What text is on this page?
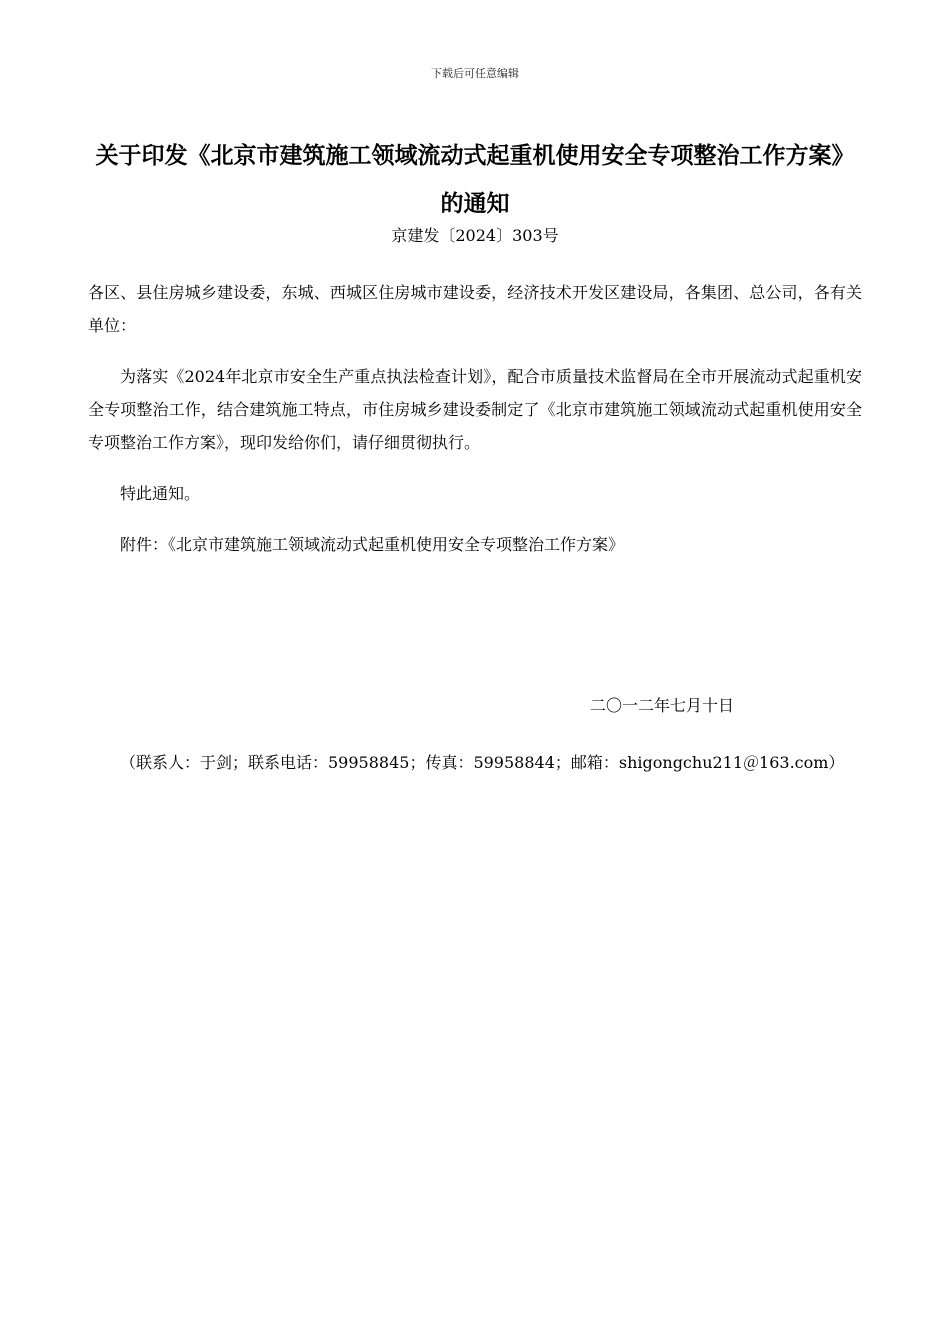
下载后可任意编辑
关于印发《北京市建筑施工领域流动式起重机使用安全专项整治工作方案》的通知
京建发〔2024〕303号

各区、县住房城乡建设委，东城、西城区住房城市建设委，经济技术开发区建设局，各集团、总公司，各有关单位：

为落实《2024年北京市安全生产重点执法检查计划》，配合市质量技术监督局在全市开展流动式起重机安全专项整治工作，结合建筑施工特点，市住房城乡建设委制定了《北京市建筑施工领域流动式起重机使用安全专项整治工作方案》，现印发给你们，请仔细贯彻执行。

特此通知。

附件：《北京市建筑施工领域流动式起重机使用安全专项整治工作方案》

二〇一二年七月十日
（联系人：于剑；联系电话：59958845；传真：59958844；邮箱：shigongchu211＠163.com）
